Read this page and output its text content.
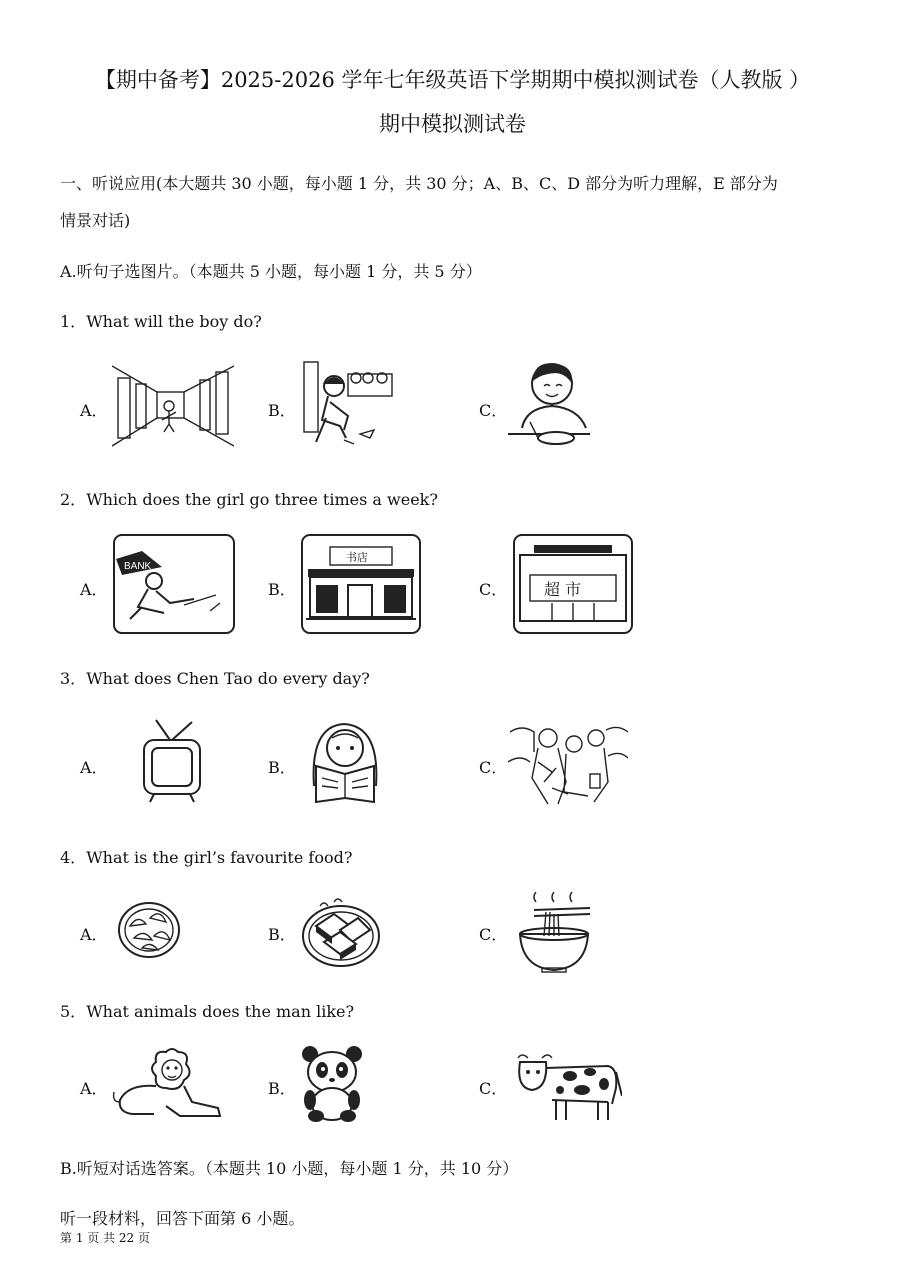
【期中备考】2025-2026 学年七年级英语下学期期中模拟测试卷（人教版 ）
期中模拟测试卷
一、听说应用(本大题共 30 小题，每小题 1 分，共 30 分；A、B、C、D 部分为听力理解，E 部分为
情景对话)
A.听句子选图片。（本题共 5 小题，每小题 1 分，共 5 分）
1．What will the boy do?
A．	B．	C．
2．Which does the girl go three times a week?
A．	B．	C．
BANK
书店
超 市
3．What does Chen Tao do every day?
A．	B．	C．
4．What is the girl’s favourite food?
A．	B．	C．
5．What animals does the man like?
A．	B．	C．
B.听短对话选答案。（本题共 10 小题，每小题 1 分，共 10 分）
听一段材料，回答下面第 6 小题。
第 1 页 共 22 页
